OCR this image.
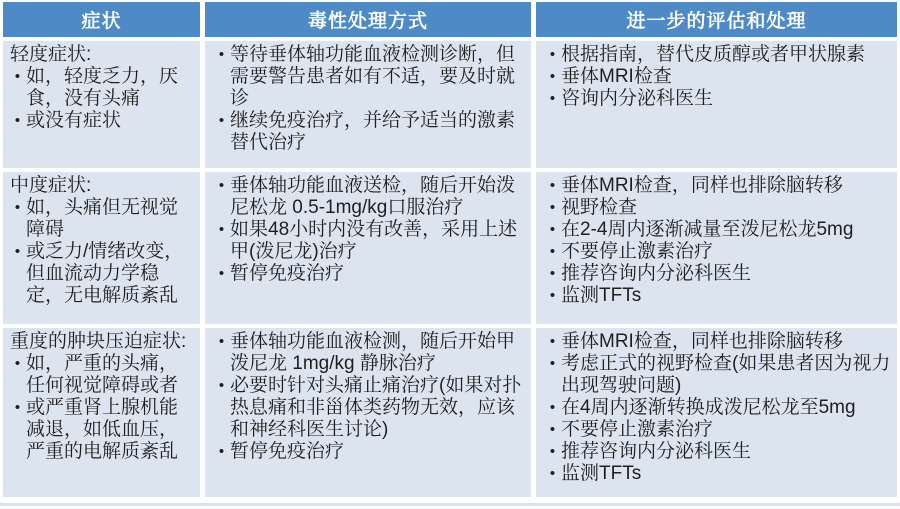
症状	毒性处理方式	进一步的评估和处理
轻度症状:
• 如，轻度乏力，厌食，没有头痛
• 或没有症状
• 等待垂体轴功能血液检测诊断，但需要警告患者如有不适，要及时就诊
• 继续免疫治疗，并给予适当的激素替代治疗
• 根据指南，替代皮质醇或者甲状腺素
• 垂体MRI检查
• 咨询内分泌科医生
中度症状:
• 如，头痛但无视觉障碍
• 或乏力/情绪改变，但血流动力学稳定，无电解质紊乱
• 垂体轴功能血液送检，随后开始泼尼松龙 0.5-1mg/kg口服治疗
• 如果48小时内没有改善，采用上述甲(泼尼龙)治疗
• 暂停免疫治疗
• 垂体MRI检查，同样也排除脑转移
• 视野检查
• 在2-4周内逐渐减量至泼尼松龙5mg
• 不要停止激素治疗
• 推荐咨询内分泌科医生
• 监测TFTs
重度的肿块压迫症状:
• 如，严重的头痛，任何视觉障碍或者
• 或严重肾上腺机能减退，如低血压，严重的电解质紊乱
• 垂体轴功能血液检测，随后开始甲泼尼龙 1mg/kg 静脉治疗
• 必要时针对头痛止痛治疗(如果对扑热息痛和非甾体类药物无效，应该和神经科医生讨论)
• 暂停免疫治疗
• 垂体MRI检查，同样也排除脑转移
• 考虑正式的视野检查(如果患者因为视力出现驾驶问题)
• 在4周内逐渐转换成泼尼松龙至5mg
• 不要停止激素治疗
• 推荐咨询内分泌科医生
• 监测TFTs
